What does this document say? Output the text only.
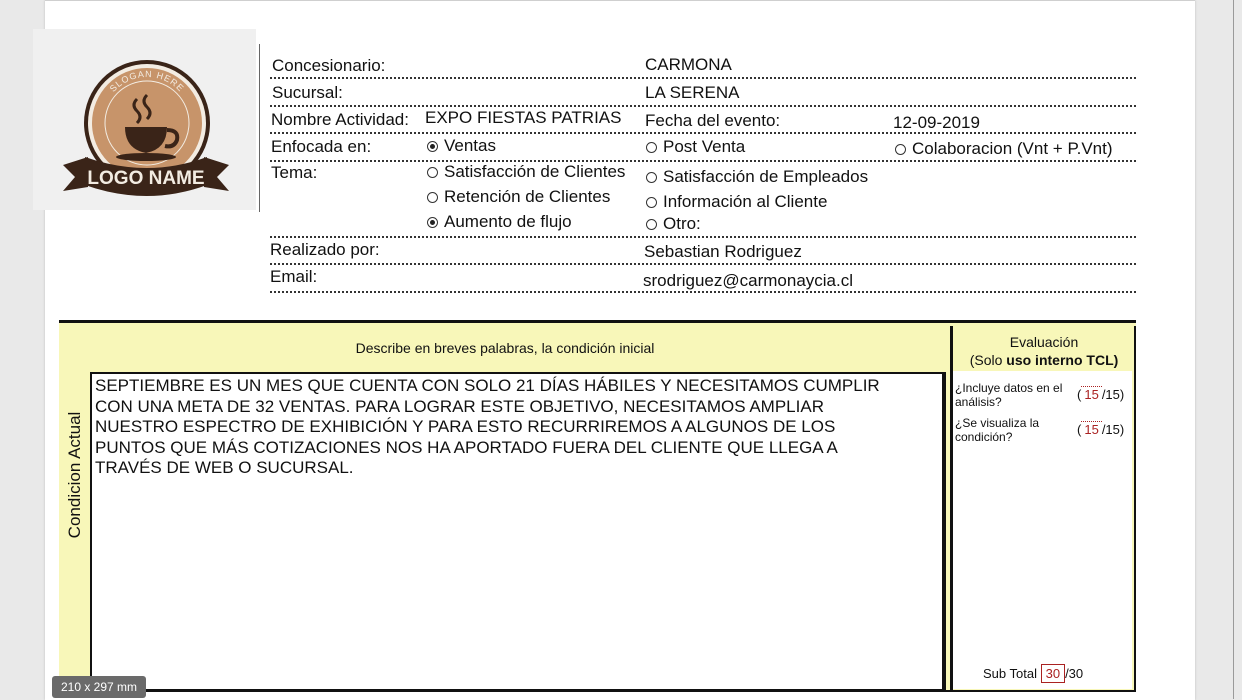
SLOGAN HERE
LOGO NAME
Concesionario:	CARMONA
Sucursal:	LA SERENA
Nombre Actividad: EXPO FIESTAS PATRIAS Fecha del evento:	12-09-2019
Enfocada en:	Ventas	Post Venta	Colaboracion (Vnt + P.Vnt)
Tema:	Satisfacción de Clientes	Satisfacción de Empleados
Retención de Clientes	Información al Cliente
Aumento de flujo	Otro:
Realizado por:	Sebastian Rodriguez
Email:	srodriguez@carmonaycia.cl
Describe en breves palabras, la condición inicial	Evaluación
(Solo uso interno TCL)
Condicion Actual
SEPTIEMBRE ES UN MES QUE CUENTA CON SOLO 21 DÍAS HÁBILES Y NECESITAMOS CUMPLIR
CON UNA META DE 32 VENTAS. PARA LOGRAR ESTE OBJETIVO, NECESITAMOS AMPLIAR
NUESTRO ESPECTRO DE EXHIBICIÓN Y PARA ESTO RECURRIREMOS A ALGUNOS DE LOS
PUNTOS QUE MÁS COTIZACIONES NOS HA APORTADO FUERA DEL CLIENTE QUE LLEGA A
TRAVÉS DE WEB O SUCURSAL.
¿Incluye datos en el
análisis?	( 15 /15)
¿Se visualiza la
condición?	( 15 /15)
Sub Total 30 /30
210 x 297 mm
